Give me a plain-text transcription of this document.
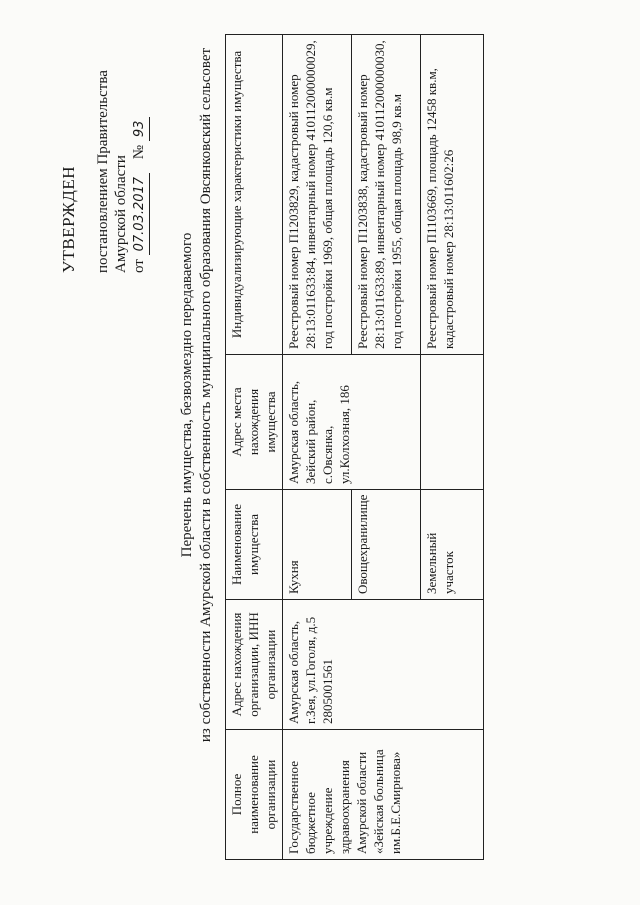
УТВЕРЖДЕН постановлением Правительства Амурской области от 07.03.2017 № 93
Перечень имущества, безвозмездно передаваемого из собственности Амурской области в собственность муниципального образования Овсянковский сельсовет
Полное наименование организации	Адрес нахождения организации, ИНН организации	Наименование имущества	Адрес места нахождения имущества	Индивидуализирующие характеристики имущества
Государственное бюджетное учреждение здравоохранения Амурской области «Зейская больница им.Б.Е.Смирнова»	Амурская область, г.Зея, ул.Гоголя, д.5 2805001561	Кухня	Амурская область, Зейский район, с.Овсянка, ул.Колхозная, 186	Реестровый номер П1203829, кадастровый номер 28:13:011633:84, инвентарный номер 410112000000029, год постройки 1969, общая площадь 120,6 кв.м
		Овощехранилище		Реестровый номер П1203838, кадастровый номер 28:13:011633:89, инвентарный номер 410112000000030, год постройки 1955, общая площадь 98,9 кв.м
		Земельный участок		Реестровый номер П1103669, площадь 12458 кв.м, кадастровый номер 28:13:011602:26
